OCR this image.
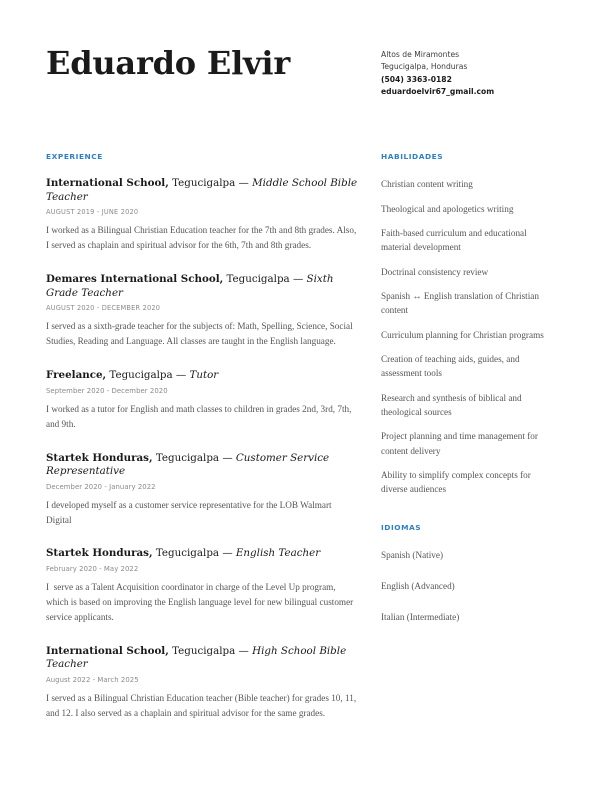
Eduardo Elvir	Altos de Miramontes
Tegucigalpa, Honduras
(504) 3363-0182
eduardoelvir67_gmail.com
EXPERIENCE
International School, Tegucigalpa — Middle School Bible Teacher
AUGUST 2019 - JUNE 2020
I worked as a Bilingual Christian Education teacher for the 7th and 8th grades. Also, I served as chaplain and spiritual advisor for the 6th, 7th and 8th grades.
Demares International School, Tegucigalpa — Sixth Grade Teacher
AUGUST 2020 - DECEMBER 2020
I served as a sixth-grade teacher for the subjects of: Math, Spelling, Science, Social Studies, Reading and Language. All classes are taught in the English language.
Freelance, Tegucigalpa — Tutor
September 2020 - December 2020
I worked as a tutor for English and math classes to children in grades 2nd, 3rd, 7th, and 9th.
Startek Honduras, Tegucigalpa — Customer Service Representative
December 2020 - January 2022
I developed myself as a customer service representative for the LOB Walmart Digital
Startek Honduras, Tegucigalpa — English Teacher
February 2020 - May 2022
I  serve as a Talent Acquisition coordinator in charge of the Level Up program, which is based on improving the English language level for new bilingual customer service applicants.
International School, Tegucigalpa — High School Bible Teacher
August 2022 - March 2025
I served as a Bilingual Christian Education teacher (Bible teacher) for grades 10, 11, and 12. I also served as a chaplain and spiritual advisor for the same grades.
HABILIDADES
Christian content writing
Theological and apologetics writing
Faith-based curriculum and educational material development
Doctrinal consistency review
Spanish ↔ English translation of Christian content
Curriculum planning for Christian programs
Creation of teaching aids, guides, and assessment tools
Research and synthesis of biblical and theological sources
Project planning and time management for content delivery
Ability to simplify complex concepts for diverse audiences
IDIOMAS
Spanish (Native)
English (Advanced)
Italian (Intermediate)
